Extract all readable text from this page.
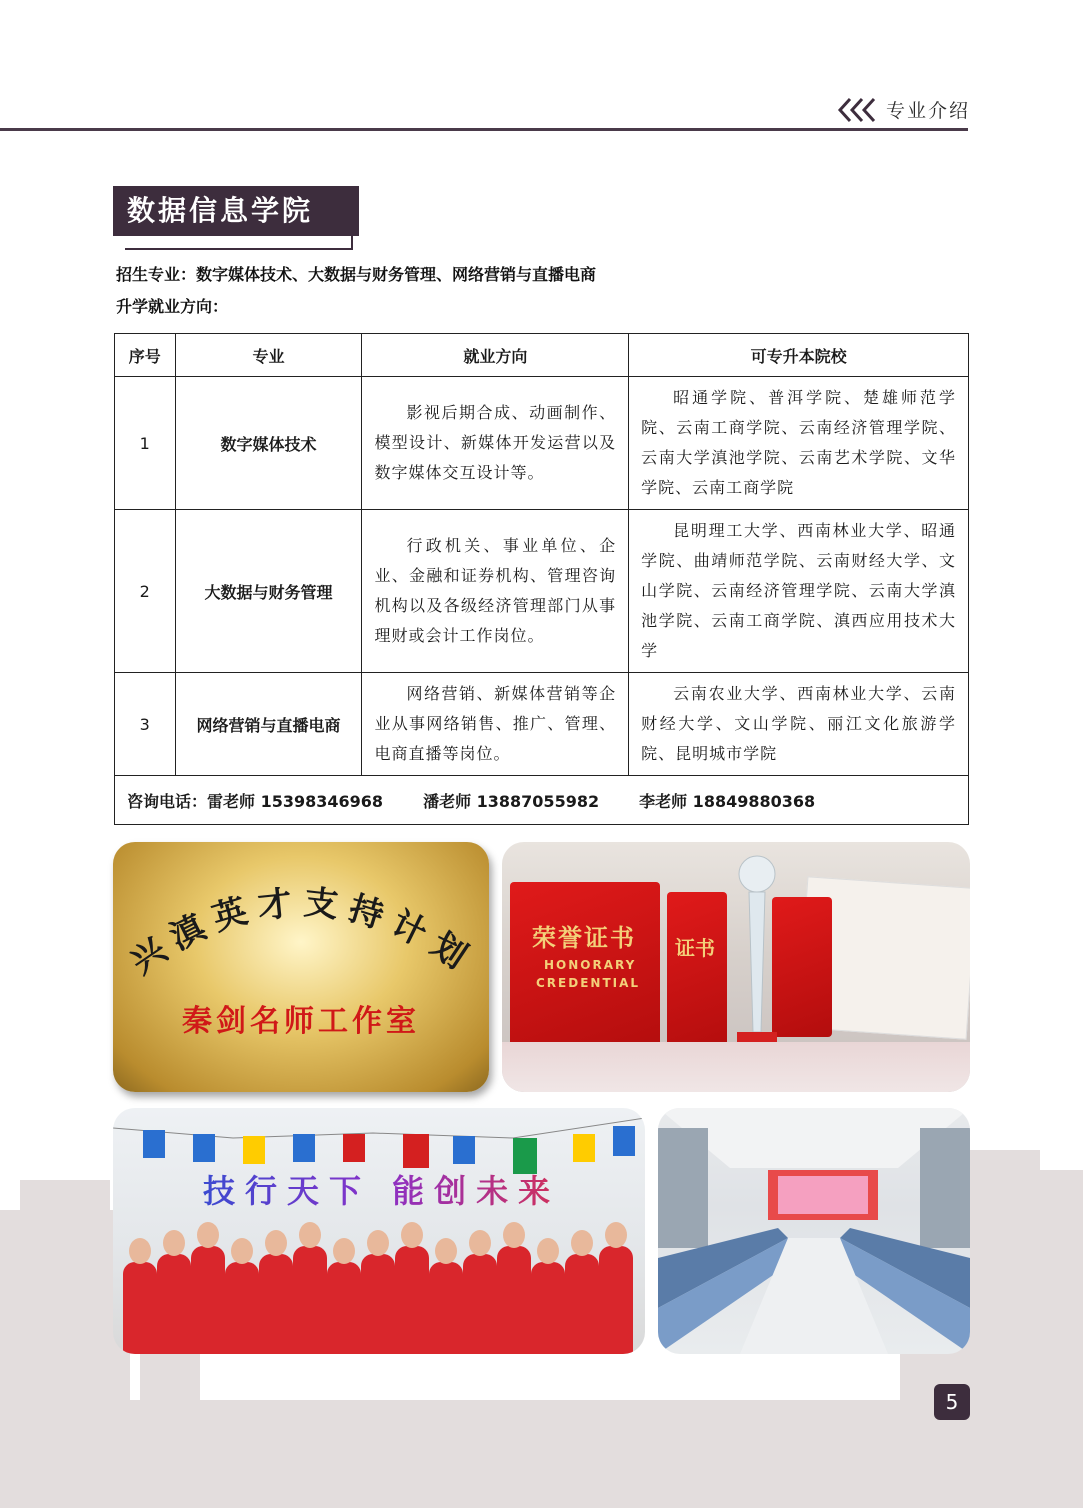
专业介绍
数据信息学院
招生专业：数字媒体技术、大数据与财务管理、网络营销与直播电商
升学就业方向：
序号	专业	就业方向	可专升本院校
1	数字媒体技术	影视后期合成、动画制作、模型设计、新媒体开发运营以及数字媒体交互设计等。	昭通学院、普洱学院、楚雄师范学院、云南工商学院、云南经济管理学院、云南大学滇池学院、云南艺术学院、文华学院、云南工商学院

2	大数据与财务管理	行政机关、事业单位、企业、金融和证券机构、管理咨询机构以及各级经济管理部门从事理财或会计工作岗位。	昆明理工大学、西南林业大学、昭通学院、曲靖师范学院、云南财经大学、文山学院、云南经济管理学院、云南大学滇池学院、云南工商学院、滇西应用技术大学

3	网络营销与直播电商	网络营销、新媒体营销等企业从事网络销售、推广、管理、电商直播等岗位。	云南农业大学、西南林业大学、云南财经大学、文山学院、丽江文化旅游学院、昆明城市学院

咨询电话：雷老师 15398346968 潘老师 13887055982 李老师 18849880368			
兴滇英才支持计划
秦剑名师工作室
荣誉证书
HONORARY
CREDENTIAL
证书
技行天下 能创未来
5
